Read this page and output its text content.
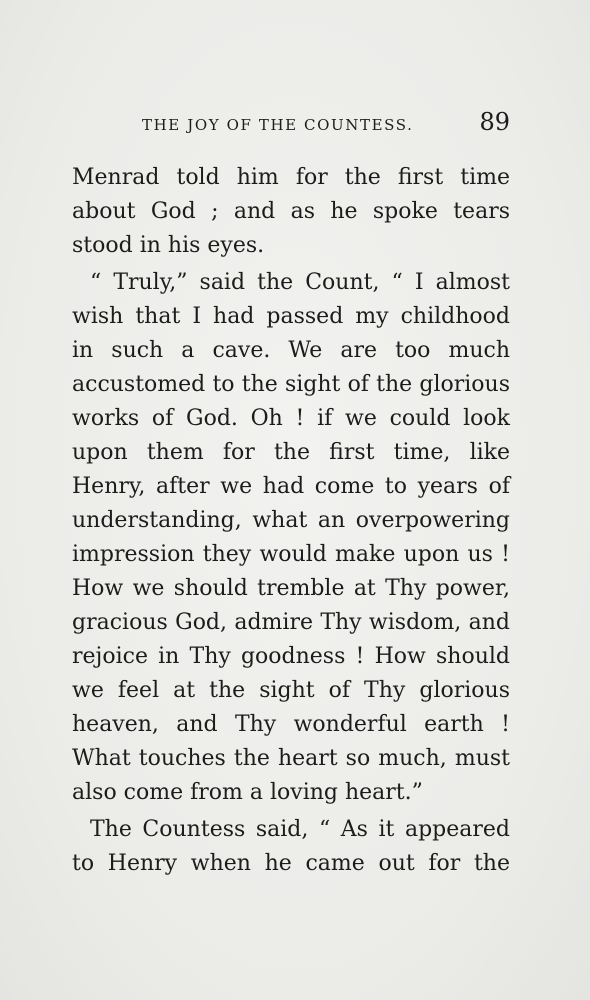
THE JOY OF THE COUNTESS.	89
Menrad told him for the first time
about God ; and as he spoke tears
stood in his eyes.
“ Truly,” said the Count, “ I almost
wish that I had passed my childhood
in such a cave. We are too much
accustomed to the sight of the glorious
works of God. Oh ! if we could look
upon them for the first time, like
Henry, after we had come to years of
understanding, what an overpowering
impression they would make upon us !
How we should tremble at Thy power,
gracious God, admire Thy wisdom, and
rejoice in Thy goodness ! How should
we feel at the sight of Thy glorious
heaven, and Thy wonderful earth !
What touches the heart so much, must
also come from a loving heart.”
The Countess said, “ As it appeared
to Henry when he came out for the
